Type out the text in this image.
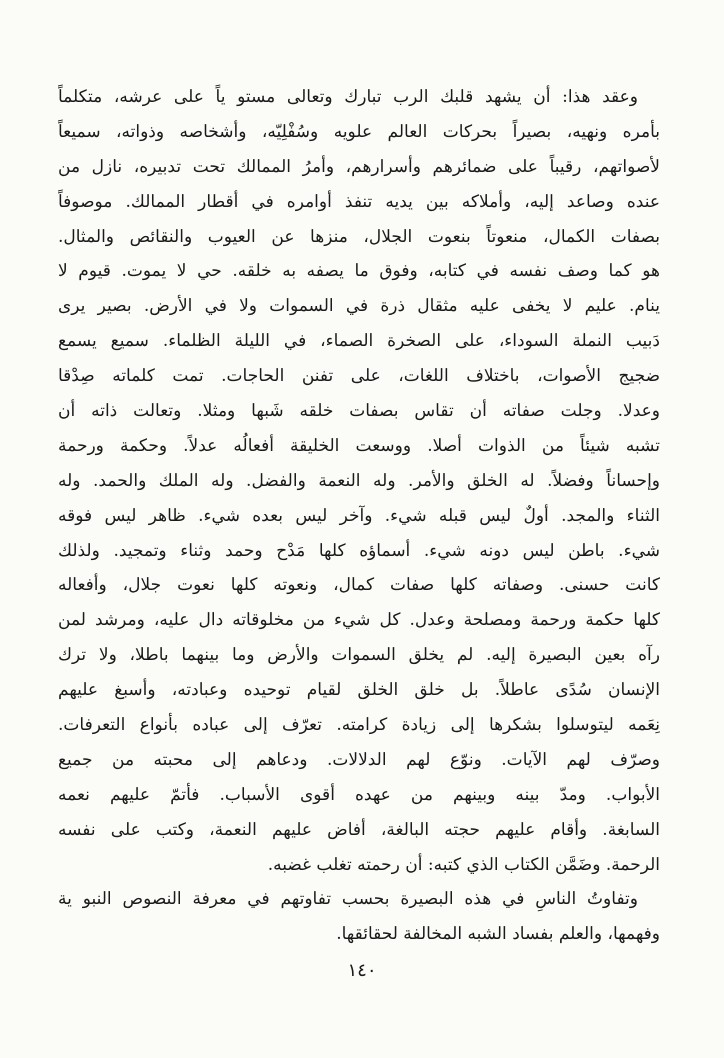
وعقد هذا: أن يشهد قلبك الرب تبارك وتعالى مستو ياً على عرشه، متكلماً
بأمره ونهيه، بصيراً بحركات العالم علويه وسُفْلِيّه، وأشخاصه وذواته، سميعاً
لأصواتهم، رقيباً على ضمائرهم وأسرارهم، وأمرُ الممالك تحت تدبيره، نازل من
عنده وصاعد إليه، وأملاكه بين يديه تنفذ أوامره في أقطار الممالك. موصوفاً
بصفات الكمال، منعوتاً بنعوت الجلال، منزها عن العيوب والنقائص والمثال.
هو كما وصف نفسه في كتابه، وفوق ما يصفه به خلقه. حي لا يموت. قيوم لا
ينام. عليم لا يخفى عليه مثقال ذرة في السموات ولا في الأرض. بصير يرى
دَبيب النملة السوداء، على الصخرة الصماء، في الليلة الظلماء. سميع يسمع
ضجيج الأصوات، باختلاف اللغات، على تفنن الحاجات. تمت كلماته صِدْقا
وعدلا. وجلت صفاته أن تقاس بصفات خلقه شَبها ومثلا. وتعالت ذاته أن
تشبه شيئاً من الذوات أصلا. ووسعت الخليقة أفعالُه عدلاً. وحكمة ورحمة
وإحساناً وفضلاً. له الخلق والأمر. وله النعمة والفضل. وله الملك والحمد. وله
الثناء والمجد. أولٌ ليس قبله شيء. وآخر ليس بعده شيء. ظاهر ليس فوقه
شيء. باطن ليس دونه شيء. أسماؤه كلها مَدْح وحمد وثناء وتمجيد. ولذلك
كانت حسنى. وصفاته كلها صفات كمال، ونعوته كلها نعوت جلال، وأفعاله
كلها حكمة ورحمة ومصلحة وعدل. كل شيء من مخلوقاته دال عليه، ومرشد لمن
رآه بعين البصيرة إليه. لم يخلق السموات والأرض وما بينهما باطلا، ولا ترك
الإنسان سُدًى عاطلاً. بل خلق الخلق لقيام توحيده وعبادته، وأسبغ عليهم
نِعَمه ليتوسلوا بشكرها إلى زيادة كرامته. تعرّف إلى عباده بأنواع التعرفات.
وصرّف لهم الآيات. ونوّع لهم الدلالات. ودعاهم إلى محبته من جميع
الأبواب. ومدّ بينه وبينهم من عهده أقوى الأسباب. فأتمّ عليهم نعمه
السابغة. وأقام عليهم حجته البالغة، أفاض عليهم النعمة، وكتب على نفسه
الرحمة. وضَمَّن الكتاب الذي كتبه: أن رحمته تغلب غضبه.
وتفاوتُ الناسِ في هذه البصيرة بحسب تفاوتهم في معرفة النصوص النبو ية
وفهمها، والعلم بفساد الشبه المخالفة لحقائقها.
١٤٠
